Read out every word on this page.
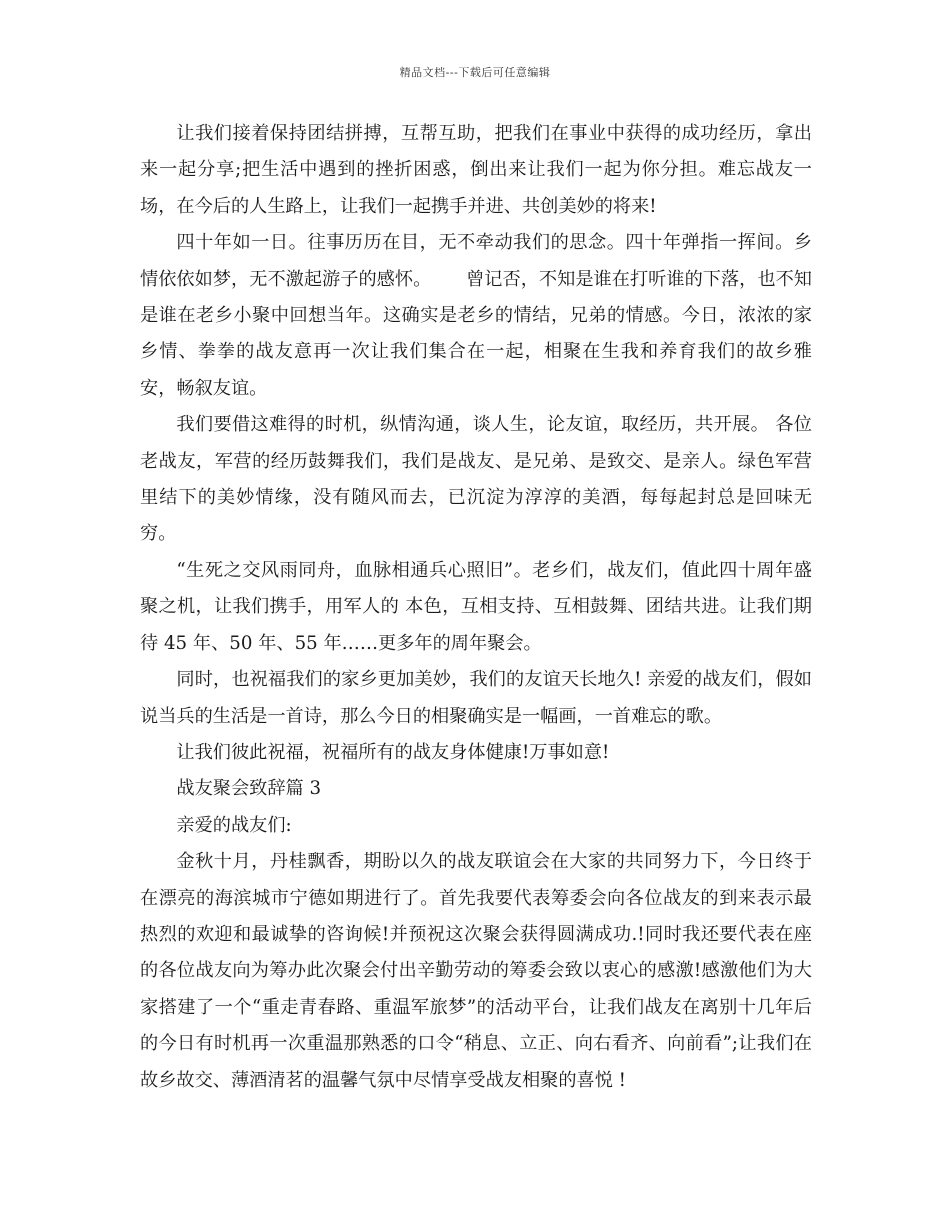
精品文档---下载后可任意编辑

让我们接着保持团结拼搏，互帮互助，把我们在事业中获得的成功经历，拿出来一起分享;把生活中遇到的挫折困惑，倒出来让我们一起为你分担。难忘战友一场，在今后的人生路上，让我们一起携手并进、共创美妙的将来!

四十年如一日。往事历历在目，无不牵动我们的思念。四十年弹指一挥间。乡情依依如梦，无不激起游子的感怀。      曾记否，不知是谁在打听谁的下落，也不知是谁在老乡小聚中回想当年。这确实是老乡的情结，兄弟的情感。今日，浓浓的家乡情、拳拳的战友意再一次让我们集合在一起，相聚在生我和养育我们的故乡雅安，畅叙友谊。

我们要借这难得的时机，纵情沟通，谈人生，论友谊，取经历，共开展。 各位老战友，军营的经历鼓舞我们，我们是战友、是兄弟、是致交、是亲人。绿色军营里结下的美妙情缘，没有随风而去，已沉淀为淳淳的美酒，每每起封总是回味无穷。

“生死之交风雨同舟，血脉相通兵心照旧”。老乡们，战友们，值此四十周年盛聚之机，让我们携手，用军人的 本色，互相支持、互相鼓舞、团结共进。让我们期待 45 年、50 年、55 年……更多年的周年聚会。

同时，也祝福我们的家乡更加美妙，我们的友谊天长地久! 亲爱的战友们，假如说当兵的生活是一首诗，那么今日的相聚确实是一幅画，一首难忘的歌。

让我们彼此祝福，祝福所有的战友身体健康!万事如意!

战友聚会致辞篇 3

亲爱的战友们:

金秋十月，丹桂飘香，期盼以久的战友联谊会在大家的共同努力下，今日终于在漂亮的海滨城市宁德如期进行了。首先我要代表筹委会向各位战友的到来表示最热烈的欢迎和最诚挚的咨询候!并预祝这次聚会获得圆满成功.!同时我还要代表在座的各位战友向为筹办此次聚会付出辛勤劳动的筹委会致以衷心的感激!感激他们为大家搭建了一个“重走青春路、重温军旅梦”的活动平台，让我们战友在离别十几年后的今日有时机再一次重温那熟悉的口令“稍息、立正、向右看齐、向前看”;让我们在故乡故交、薄酒清茗的温馨气氛中尽情享受战友相聚的喜悦 !
